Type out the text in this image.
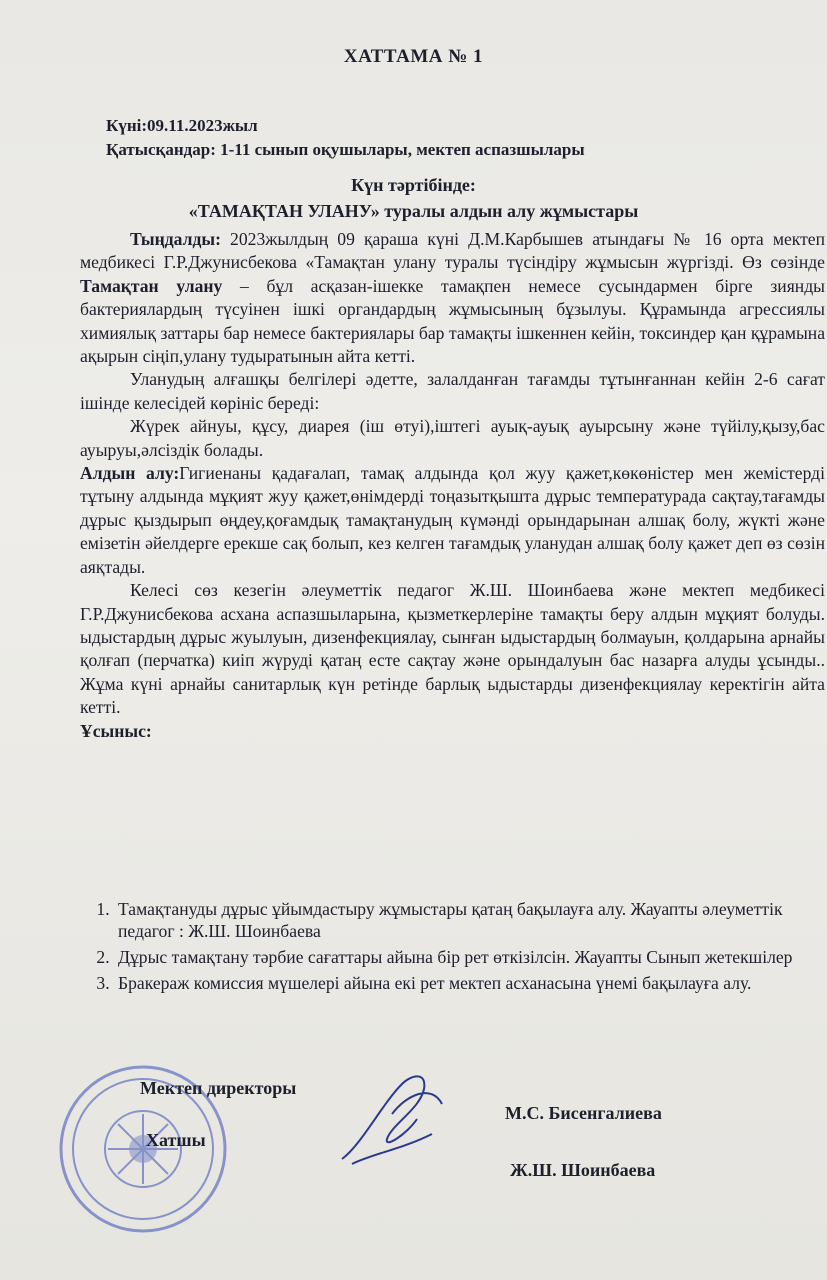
ХАТТАМА № 1
Күні:09.11.2023жыл
Қатысқандар: 1-11 сынып оқушылары, мектеп аспазшылары
Күн тәртібінде:
«ТАМАҚТАН УЛАНУ» туралы алдын алу жұмыстары

Тыңдалды: 2023жылдың 09 қараша күні Д.М.Карбышев атындағы № 16 орта мектеп медбикесі Г.Р.Джунисбекова «Тамақтан улану туралы түсіндіру жұмысын жүргізді. Өз сөзінде Тамақтан улану – бұл асқазан-ішекке тамақпен немесе сусындармен бірге зиянды бактериялардың түсуінен ішкі органдардың жұмысының бұзылуы. Құрамында агрессиялы химиялық заттары бар немесе бактериялары бар тамақты ішкеннен кейін, токсиндер қан құрамына ақырын сіңіп,улану тудыратынын айта кетті.

Уланудың алғашқы белгілері әдетте, залалданған тағамды тұтынғаннан кейін 2-6 сағат ішінде келесідей көрініс береді:

Жүрек айнуы, құсу, диарея (іш өтуі),іштегі ауық-ауық ауырсыну және түйілу,қызу,бас ауыруы,әлсіздік болады.

Алдын алу:Гигиенаны қадағалап, тамақ алдында қол жуу қажет,көкөністер мен жемістерді тұтыну алдында мұқият жуу қажет,өнімдерді тоңазытқышта дұрыс температурада сақтау,тағамды дұрыс қыздырып өңдеу,қоғамдық тамақтанудың күмәнді орындарынан алшақ болу, жүкті және емізетін әйелдерге ерекше сақ болып, кез келген тағамдық уланудан алшақ болу қажет деп өз сөзін аяқтады.

Келесі сөз кезегін әлеуметтік педагог Ж.Ш. Шоинбаева және мектеп медбикесі Г.Р.Джунисбекова асхана аспазшыларына, қызметкерлеріне тамақты беру алдын мұқият болуды. ыдыстардың дұрыс жуылуын, дизенфекциялау, сынған ыдыстардың болмауын, қолдарына арнайы қолғап (перчатка) киіп жүруді қатаң есте сақтау және орындалуын бас назарға алуды ұсынды.. Жұма күні арнайы санитарлық күн ретінде барлық ыдыстарды дизенфекциялау керектігін айта кетті.

Ұсыныс:

1. Тамақтануды дұрыс ұйымдастыру жұмыстары қатаң бақылауға алу. Жауапты әлеуметтік педагог : Ж.Ш. Шоинбаева
2. Дұрыс тамақтану тәрбие сағаттары айына бір рет өткізілсін. Жауапты Сынып жетекшілер
3. Бракераж комиссия мүшелері айына екі рет мектеп асханасына үнемі бақылауға алу.
Мектеп директоры
Хатшы
М.С. Бисенгалиева
Ж.Ш. Шоинбаева
